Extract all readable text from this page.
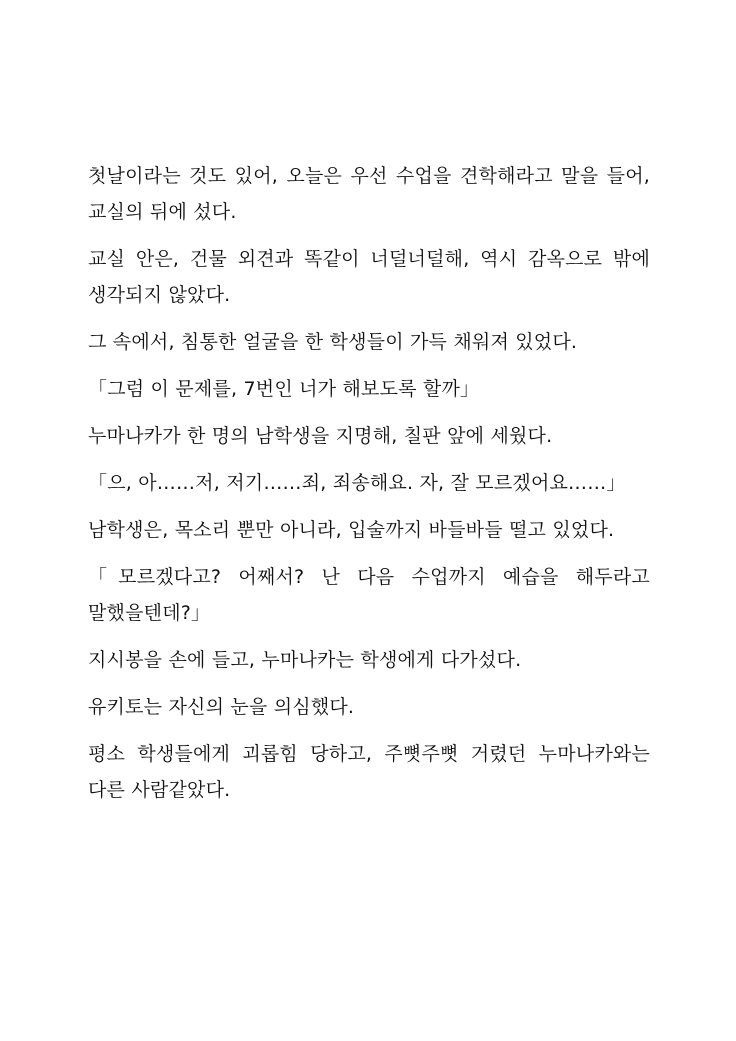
첫날이라는 것도 있어, 오늘은 우선 수업을 견학해라고 말을 들어, 교실의 뒤에 섰다.

교실 안은, 건물 외견과 똑같이 너덜너덜해, 역시 감옥으로 밖에 생각되지 않았다.

그 속에서, 침통한 얼굴을 한 학생들이 가득 채워져 있었다.

「그럼 이 문제를, 7번인 너가 해보도록 할까」

누마나카가 한 명의 남학생을 지명해, 칠판 앞에 세웠다.

「으, 아……저, 저기……죄, 죄송해요. 자, 잘 모르겠어요……」

남학생은, 목소리 뿐만 아니라, 입술까지 바들바들 떨고 있었다.

「모르겠다고? 어째서? 난 다음 수업까지 예습을 해두라고 말했을텐데?」

지시봉을 손에 들고, 누마나카는 학생에게 다가섰다.

유키토는 자신의 눈을 의심했다.

평소 학생들에게 괴롭힘 당하고, 주뼛주뼛 거렸던 누마나카와는 다른 사람같았다.
